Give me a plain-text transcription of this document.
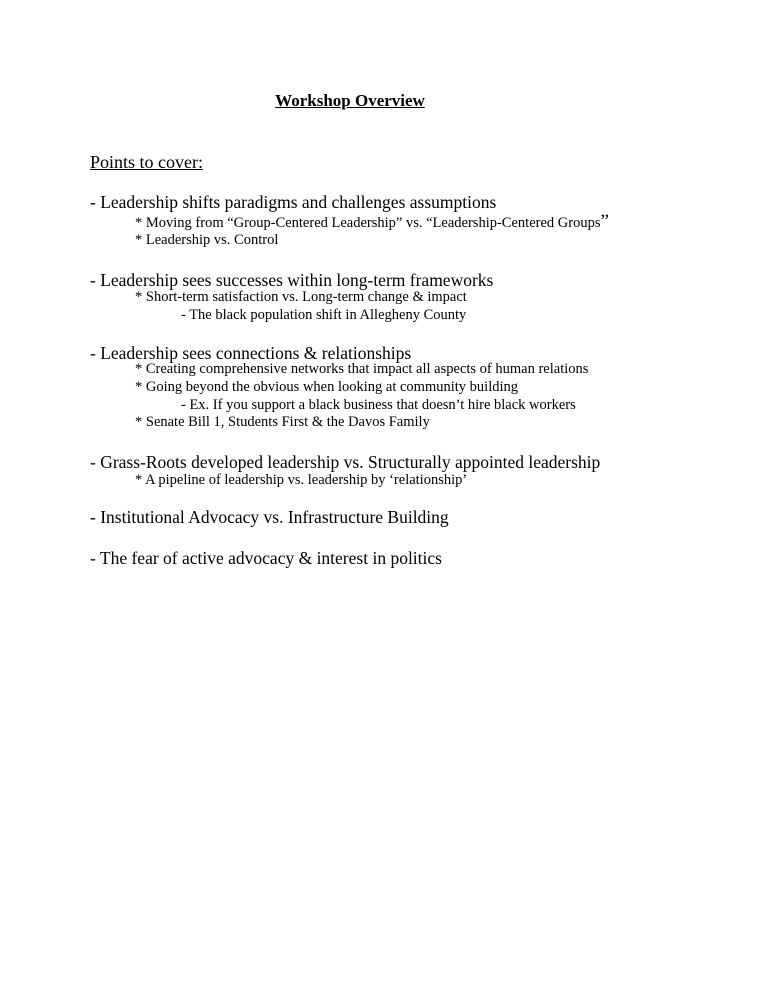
Workshop Overview
Points to cover:
- Leadership shifts paradigms and challenges assumptions
* Moving from “Group-Centered Leadership” vs. “Leadership-Centered Groups”
* Leadership vs. Control
- Leadership sees successes within long-term frameworks
* Short-term satisfaction vs. Long-term change & impact
- The black population shift in Allegheny County
- Leadership sees connections & relationships
* Creating comprehensive networks that impact all aspects of human relations
* Going beyond the obvious when looking at community building
- Ex. If you support a black business that doesn’t hire black workers
* Senate Bill 1, Students First & the Davos Family
- Grass-Roots developed leadership vs. Structurally appointed leadership
* A pipeline of leadership vs. leadership by ‘relationship’
- Institutional Advocacy vs. Infrastructure Building
- The fear of active advocacy & interest in politics
